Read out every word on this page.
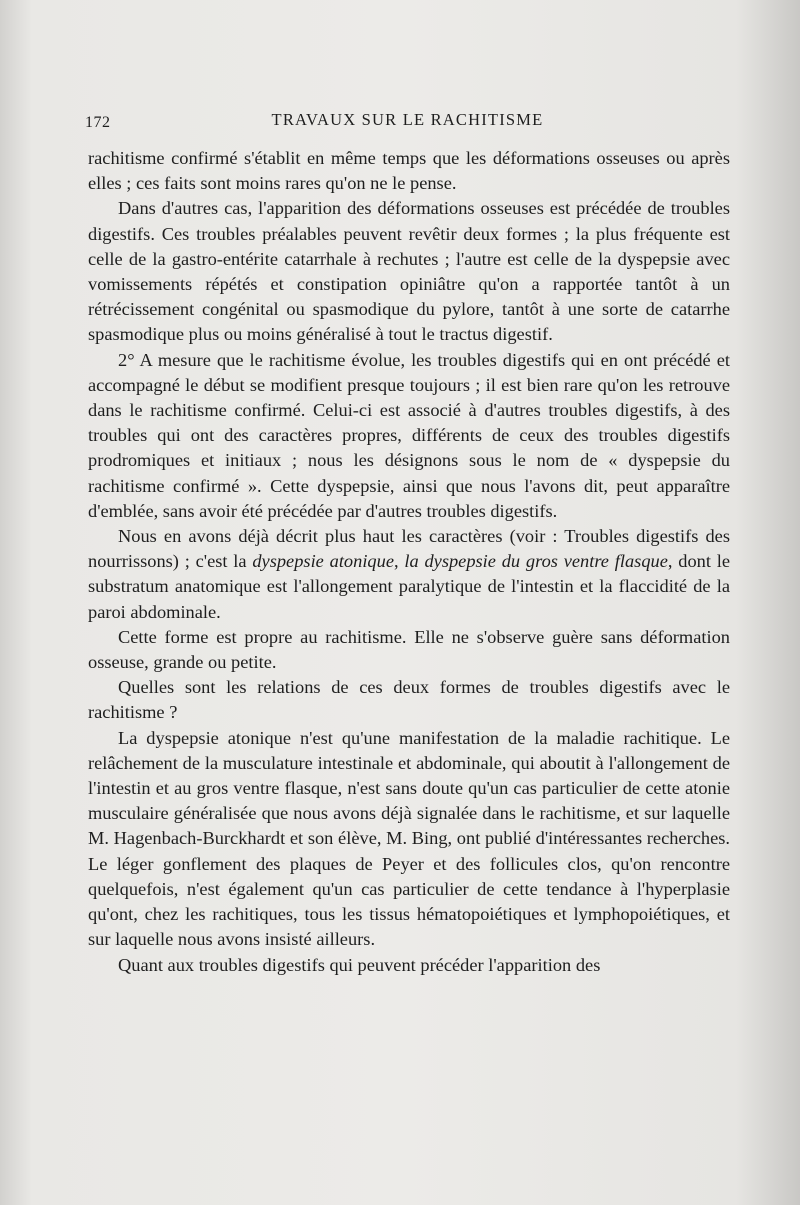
172	TRAVAUX SUR LE RACHITISME

rachitisme confirmé s'établit en même temps que les déformations osseuses ou après elles ; ces faits sont moins rares qu'on ne le pense.

Dans d'autres cas, l'apparition des déformations osseuses est précédée de troubles digestifs. Ces troubles préalables peuvent revêtir deux formes ; la plus fréquente est celle de la gastro-entérite catarrhale à rechutes ; l'autre est celle de la dyspepsie avec vomissements répétés et constipation opiniâtre qu'on a rapportée tantôt à un rétrécissement congénital ou spasmodique du pylore, tantôt à une sorte de catarrhe spasmodique plus ou moins généralisé à tout le tractus digestif.

2° A mesure que le rachitisme évolue, les troubles digestifs qui en ont précédé et accompagné le début se modifient presque toujours ; il est bien rare qu'on les retrouve dans le rachitisme confirmé. Celui-ci est associé à d'autres troubles digestifs, à des troubles qui ont des caractères propres, différents de ceux des troubles digestifs prodromiques et initiaux ; nous les désignons sous le nom de « dyspepsie du rachitisme confirmé ». Cette dyspepsie, ainsi que nous l'avons dit, peut apparaître d'emblée, sans avoir été précédée par d'autres troubles digestifs.

Nous en avons déjà décrit plus haut les caractères (voir : Troubles digestifs des nourrissons) ; c'est la dyspepsie atonique, la dyspepsie du gros ventre flasque, dont le substratum anatomique est l'allongement paralytique de l'intestin et la flaccidité de la paroi abdominale.

Cette forme est propre au rachitisme. Elle ne s'observe guère sans déformation osseuse, grande ou petite.

Quelles sont les relations de ces deux formes de troubles digestifs avec le rachitisme ?

La dyspepsie atonique n'est qu'une manifestation de la maladie rachitique. Le relâchement de la musculature intestinale et abdominale, qui aboutit à l'allongement de l'intestin et au gros ventre flasque, n'est sans doute qu'un cas particulier de cette atonie musculaire généralisée que nous avons déjà signalée dans le rachitisme, et sur laquelle M. Hagenbach-Burckhardt et son élève, M. Bing, ont publié d'intéressantes recherches. Le léger gonflement des plaques de Peyer et des follicules clos, qu'on rencontre quelquefois, n'est également qu'un cas particulier de cette tendance à l'hyperplasie qu'ont, chez les rachitiques, tous les tissus hématopoiétiques et lymphopoiétiques, et sur laquelle nous avons insisté ailleurs.

Quant aux troubles digestifs qui peuvent précéder l'apparition des
